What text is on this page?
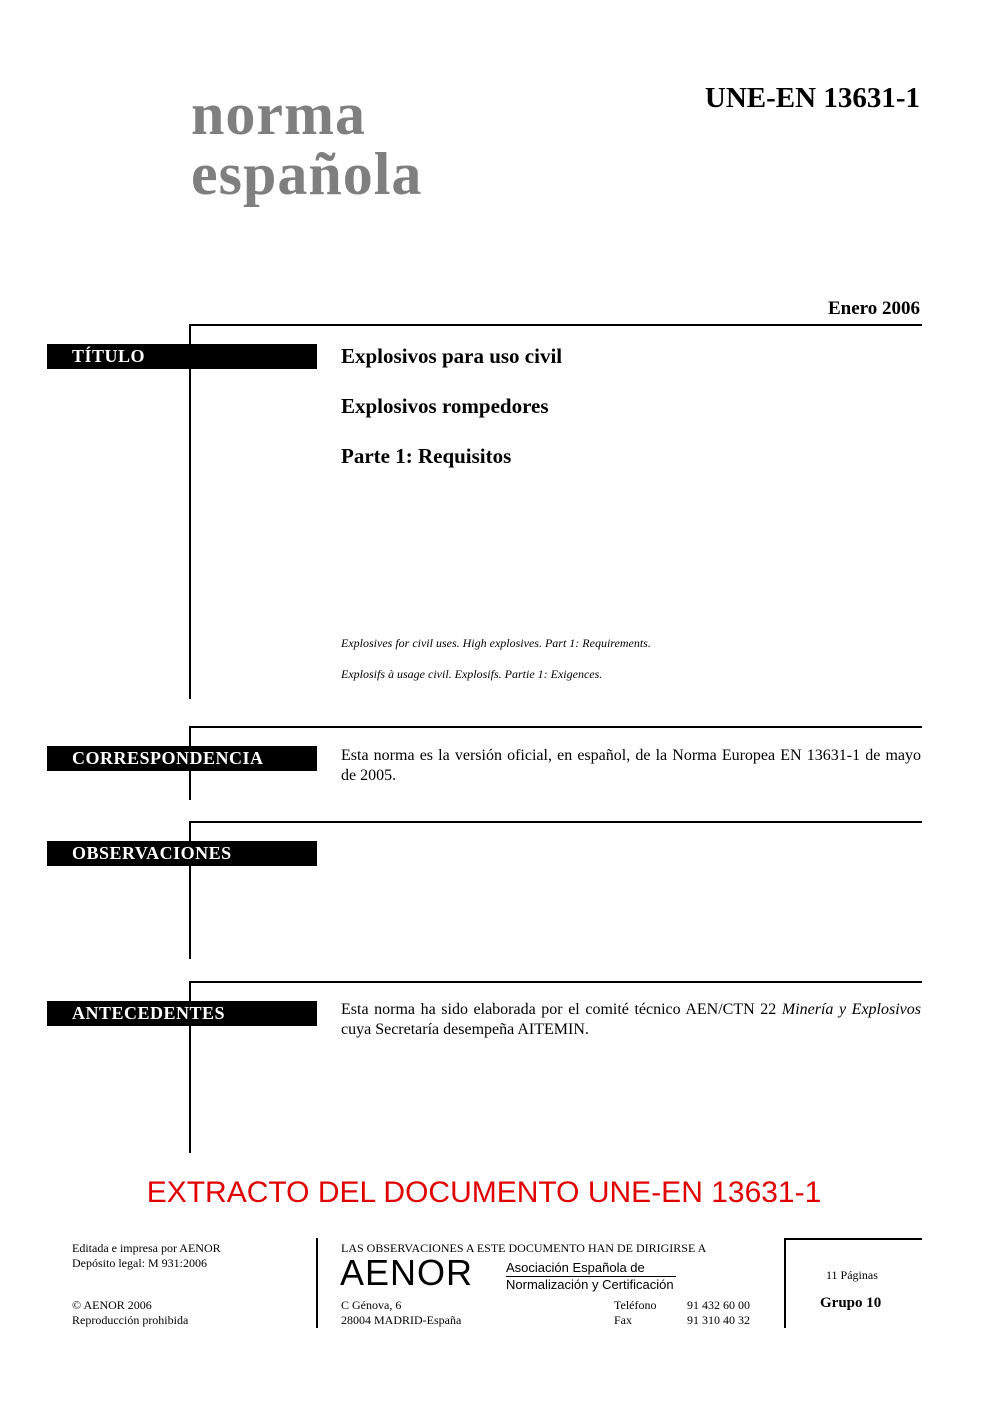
norma
española
UNE-EN 13631-1
Enero 2006
TÍTULO	Explosivos para uso civil
Explosivos rompedores
Parte 1: Requisitos
Explosives for civil uses. High explosives. Part 1: Requirements.
Explosifs à usage civil. Explosifs. Partie 1: Exigences.
CORRESPONDENCIA	Esta norma es la versión oficial, en español, de la Norma Europea EN 13631-1 de mayo de 2005.
OBSERVACIONES
ANTECEDENTES	Esta norma ha sido elaborada por el comité técnico AEN/CTN 22 Minería y Explosivos cuya Secretaría desempeña AITEMIN.
EXTRACTO DEL DOCUMENTO UNE-EN 13631-1
Editada e impresa por AENOR
Depósito legal: M 931:2006
© AENOR 2006
Reproducción prohibida
LAS OBSERVACIONES A ESTE DOCUMENTO HAN DE DIRIGIRSE A
AENOR	Asociación Española de
Normalización y Certificación
C Génova, 6
28004 MADRID-España
Teléfono	91 432 60 00
Fax	91 310 40 32
11 Páginas
Grupo 10
